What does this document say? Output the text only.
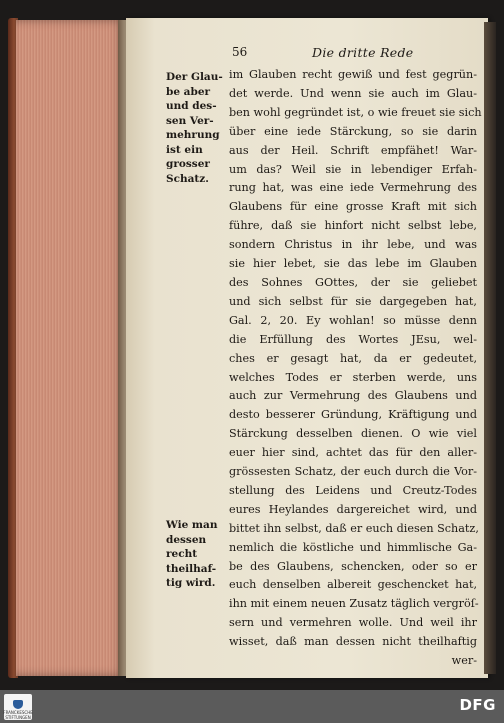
56	Die dritte Rede
Der Glau-
be aber
und des-
sen Ver-
mehrung
ist ein
grosser
Schatz.
Wie man
dessen
recht
theilhaf-
tig wird.
im Glauben recht gewiß und fest gegrün-
det werde. Und wenn sie auch im Glau-
ben wohl gegründet ist, o wie freuet sie sich
über eine iede Stärckung, so sie darin
aus der Heil. Schrift empfähet! War-
um das? Weil sie in lebendiger Erfah-
rung hat, was eine iede Vermehrung des
Glaubens für eine grosse Kraft mit sich
führe, daß sie hinfort nicht selbst lebe,
sondern Christus in ihr lebe, und was
sie hier lebet, sie das lebe im Glauben
des Sohnes GOttes, der sie geliebet
und sich selbst für sie dargegeben hat,
Gal. 2, 20. Ey wohlan! so müsse denn
die Erfüllung des Wortes JEsu, wel-
ches er gesagt hat, da er gedeutet,
welches Todes er sterben werde, uns
auch zur Vermehrung des Glaubens und
desto besserer Gründung, Kräftigung und
Stärckung desselben dienen. O wie viel
euer hier sind, achtet das für den aller-
grössesten Schatz, der euch durch die Vor-
stellung des Leidens und Creutz-Todes
eures Heylandes dargereichet wird, und
bittet ihn selbst, daß er euch diesen Schatz,
nemlich die köstliche und himmlische Ga-
be des Glaubens, schencken, oder so er
euch denselben albereit geschencket hat,
ihn mit einem neuen Zusatz täglich vergröſ-
sern und vermehren wolle. Und weil ihr
wisset, daß man dessen nicht theilhaftig
wer-
FRANCKESCHE
STIFTUNGEN
DFG
